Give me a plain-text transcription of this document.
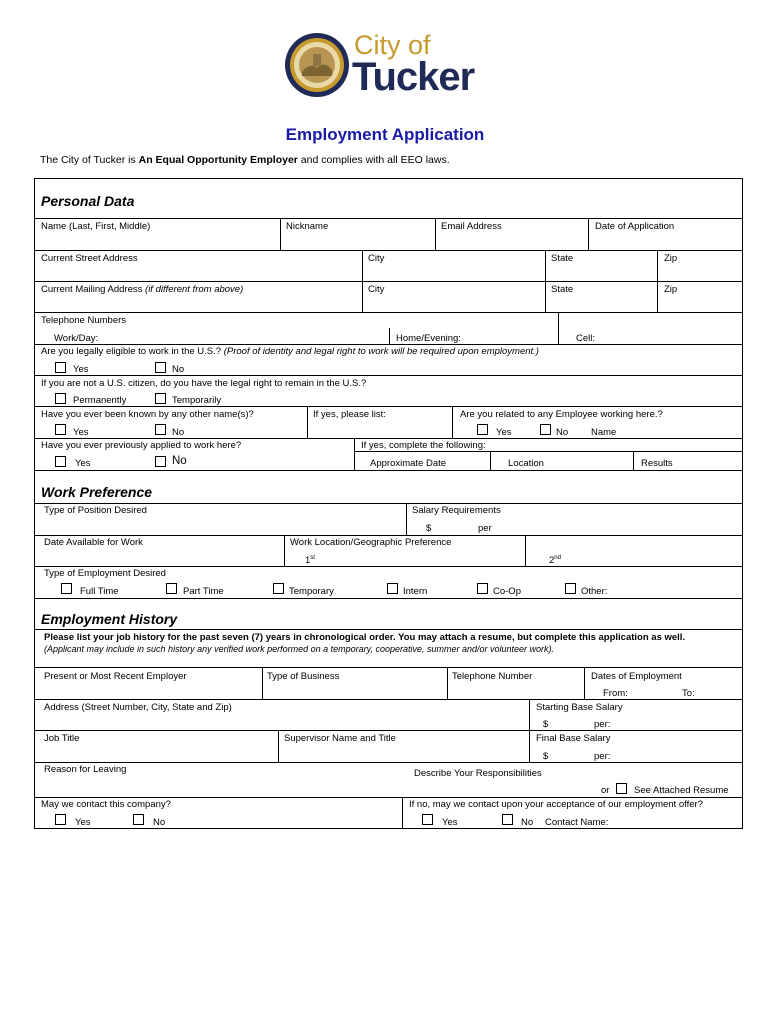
City of
Tucker
Employment Application
The City of Tucker is An Equal Opportunity Employer and complies with all EEO laws.
Personal Data
Name (Last, First, Middle)	Nickname	Email Address	Date of Application
Current Street Address	City	State	Zip
Current Mailing Address (if different from above)	City	State	Zip
Telephone Numbers
Work/Day:	Home/Evening:	Cell:
Are you legally eligible to work in the U.S.? (Proof of identity and legal right to work will be required upon employment.)
Yes	No
If you are not a U.S. citizen, do you have the legal right to remain in the U.S.?
Permanently	Temporarily
Have you ever been known by any other name(s)?
Yes	No
If yes, please list:	Are you related to any Employee working here.?
Yes	No Name
Have you ever previously applied to work here?
Yes	No
If yes, complete the following:
Approximate Date	Location	Results
Work Preference
Type of Position Desired	Salary Requirements
$	per
Date Available for Work	Work Location/Geographic Preference
1st	2nd
Type of Employment Desired
Full Time	Part Time	Temporary	Intern	Co-Op	Other:
Employment History
Please list your job history for the past seven (7) years in chronological order. You may attach a resume, but complete this application as well.
(Applicant may include in such history any verified work performed on a temporary, cooperative, summer and/or volunteer work).
Present or Most Recent Employer	Type of Business	Telephone Number	Dates of Employment
From:	To:
Address (Street Number, City, State and Zip)	Starting Base Salary
$	per:
Job Title	Supervisor Name and Title	Final Base Salary
$	per:
Reason for Leaving	Describe Your Responsibilities
or	See Attached Resume
May we contact this company?
Yes	No
If no, may we contact upon your acceptance of our employment offer?
Yes	No Contact Name:
